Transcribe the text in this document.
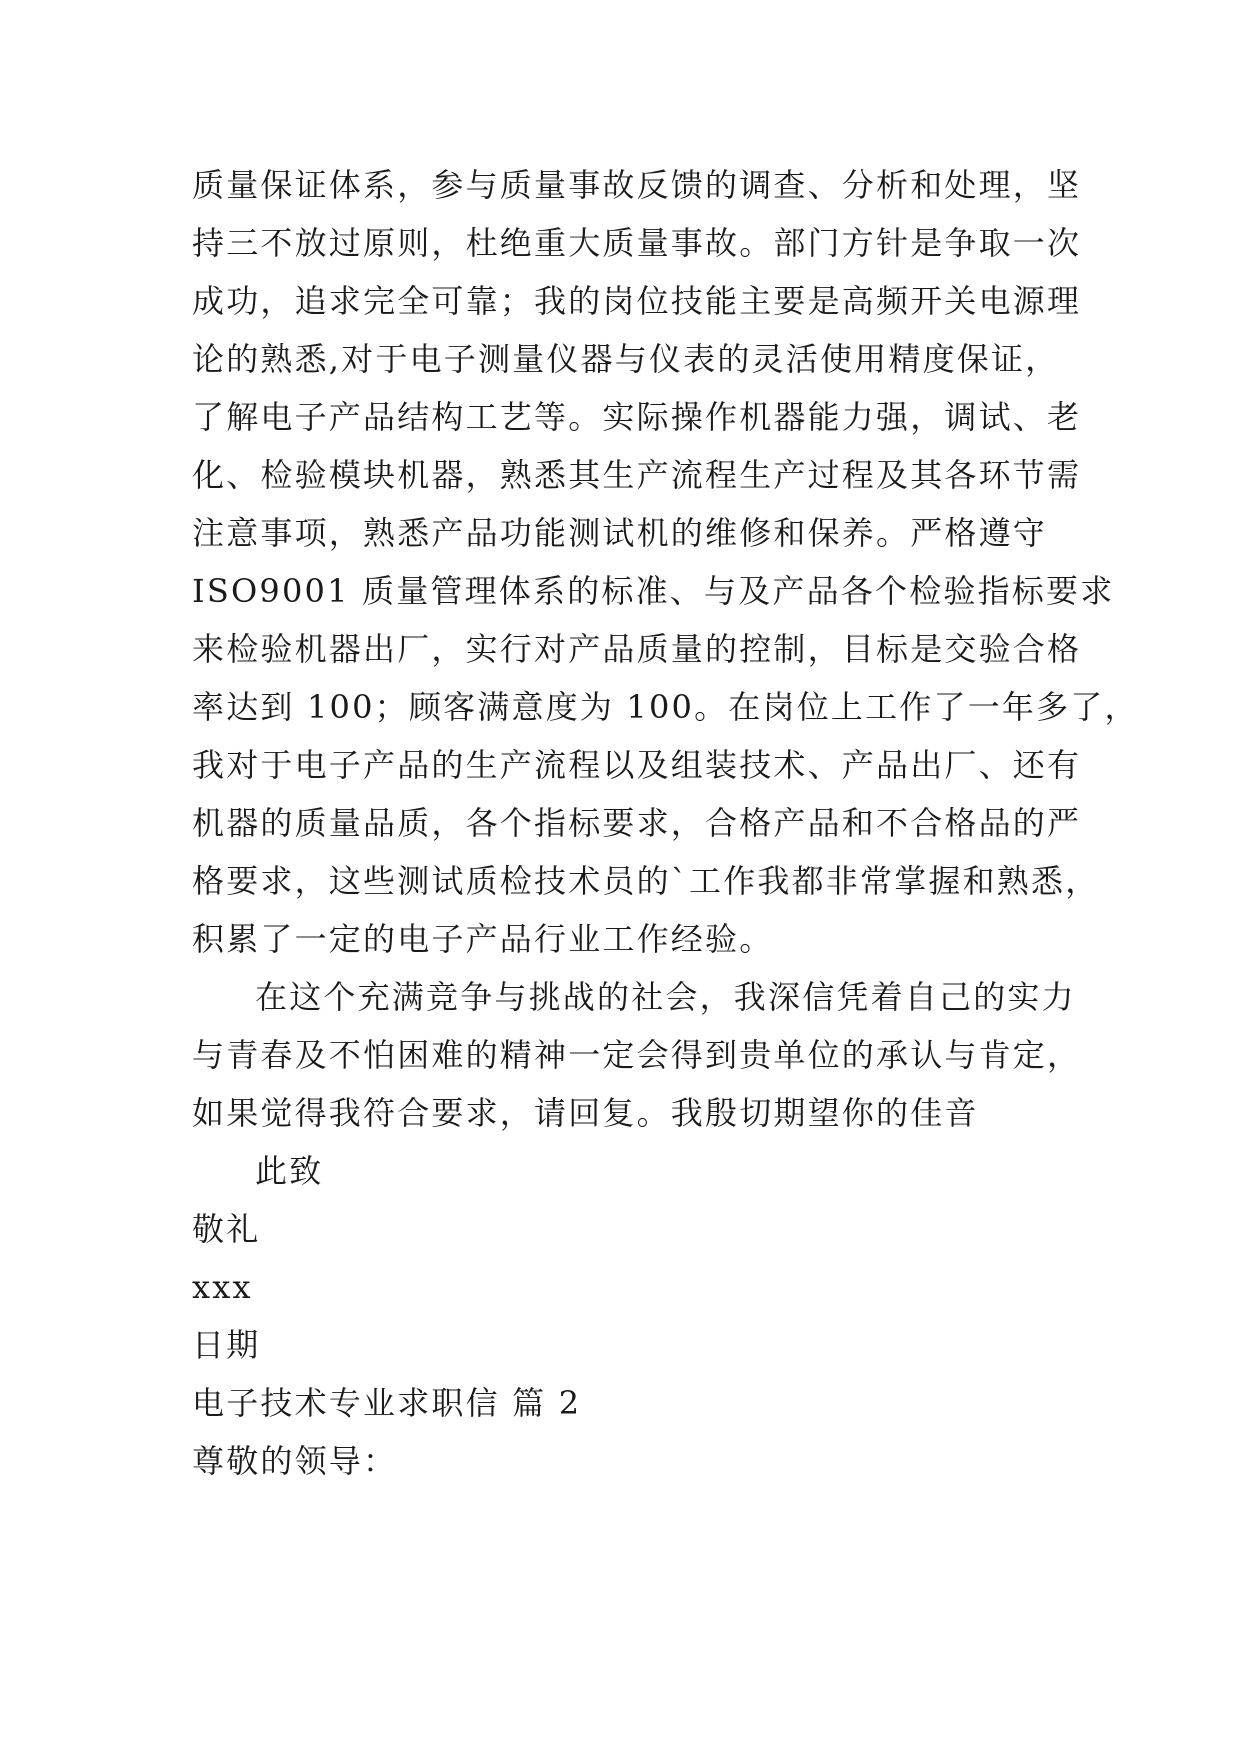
质量保证体系，参与质量事故反馈的调查、分析和处理，坚
持三不放过原则，杜绝重大质量事故。部门方针是争取一次
成功，追求完全可靠；我的岗位技能主要是高频开关电源理
论的熟悉,对于电子测量仪器与仪表的灵活使用精度保证，
了解电子产品结构工艺等。实际操作机器能力强，调试、老
化、检验模块机器，熟悉其生产流程生产过程及其各环节需
注意事项，熟悉产品功能测试机的维修和保养。严格遵守
ISO9001 质量管理体系的标准、与及产品各个检验指标要求
来检验机器出厂，实行对产品质量的控制，目标是交验合格
率达到 100；顾客满意度为 100。在岗位上工作了一年多了，
我对于电子产品的生产流程以及组装技术、产品出厂、还有
机器的质量品质，各个指标要求，合格产品和不合格品的严
格要求，这些测试质检技术员的`工作我都非常掌握和熟悉，
积累了一定的电子产品行业工作经验。
在这个充满竞争与挑战的社会，我深信凭着自己的实力
与青春及不怕困难的精神一定会得到贵单位的承认与肯定，
如果觉得我符合要求，请回复。我殷切期望你的佳音
此致
敬礼
xxx
日期
电子技术专业求职信 篇 2
尊敬的领导：
